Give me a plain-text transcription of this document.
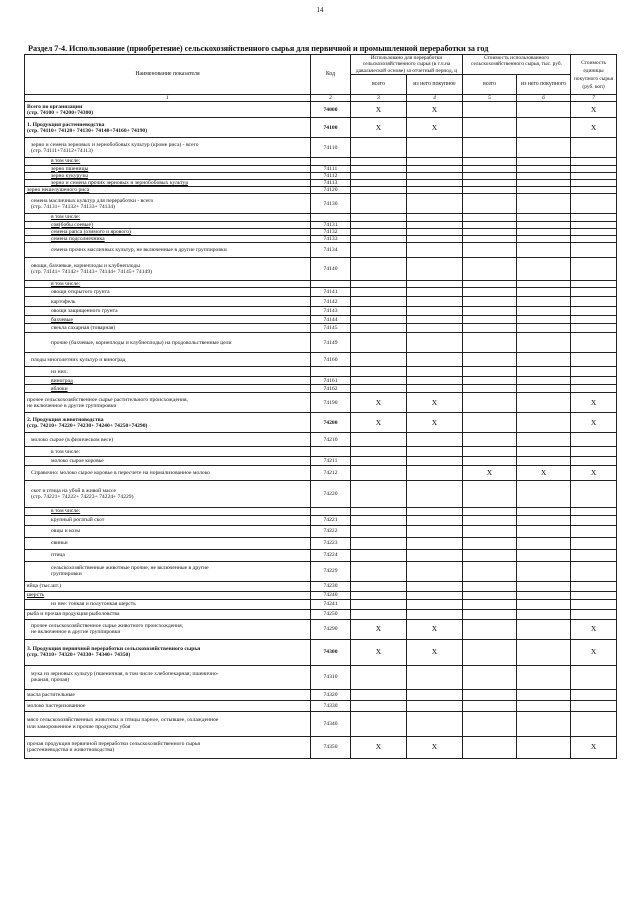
14
Раздел 7-4. Использование (приобретение) сельскохозяйственного сырья для первичной и промышленной переработки за год
Наименование показателя	Код	Использовано для переработки сельскохозяйственного сырья (в т.ч.на давальческой основе) за отчетный период, ц		Стоимость использованного сельскохозяйственного сырья, тыс. руб.		Стоимость единицы покупного сырья (руб. коп)
		всего	из него покупное	всего	из него покупного	
1	2	3	4	5	6	7
Всего по организации
(стр. 74100 + 74200+74300)	74000	X	X			X
1. Продукция растениеводства
(стр. 74110+ 74120+ 74130+ 74140+74160+ 74190)	74100	X	X			X
зерно и семена зерновых и зернобобовых культур (кроме риса) - всего
(стр. 74111+74112+74113)	74110					
в том числе:						
зерно пшеницы	74111					
зерно кукурузы	74112					
зерно и семена прочих зерновых и зернобобовых культур	74113					
зерно нешелушеного риса	74120					
семена масличных культур для переработки - всего
(стр. 74131+ 74132+ 74133+ 74134)	74130					
в том числе:						
соя(бобы соевые)	74131					
семена рапса (озимого и ярового)	74132					
семена подсолнечника	74133					
семена прочих масличных культур, не включенные в другие группировки	74134					
овощи, бахчевые, корнеплоды и клубнеплоды
(стр. 74141+ 74142+ 74143+ 74144+ 74145+ 74149)	74140					
в том числе:						
овощи открытого грунта	74141					
картофель	74142					
овощи защищенного грунта	74143					
бахчевые	74144					
свекла сахарная (товарная)	74145					
прочие (бахчевые, корнеплоды и клубнеплоды) на продовольственные цели	74149					
плоды многолетних культур и виноград	74160					
из них:						
виноград	74161					
яблоки	74162					
прочее сельскохозяйственное сырье растительного происхождения,
не включенное в другие группировки	74190	X	X			X
2. Продукция животноводства
(стр. 74210+ 74220+ 74230+ 74240+ 74250+74290)	74200	X	X			X
молоко сырое (в физическом весе)	74210					
в том числе:						
молоко сырое коровье	74211					
Справочно: молоко сырое коровье в пересчете на нормализованное молоко	74212			X	X	X
скот и птица на убой в живой массе
(стр. 74221+ 74222+ 74223+ 74224+ 74229)	74220					
в том числе:						
крупный рогатый скот	74221					
овцы и козы	74222					
свиньи	74223					
птица	74224					
сельскохозяйственные животные прочие, не включенные в другие
группировки	74229					
яйца (тыс.шт.)	74230					
шерсть	74240					
из нее: тонкая и полутонкая шерсть	74241					
рыба и прочая продукция рыболовства	74250					
прочее сельскохозяйственное сырье животного происхождения,
не включенное в другие группировки	74290	X	X			X
3. Продукция первичной переработки сельскохозяйственного сырья
(стр. 74310+ 74320+ 74330+ 74340+ 74350)	74300	X	X			X
мука из зерновых культур (пшеничная, в том числе хлебопекарная; пшенично-
ржаная, прочая)	74310					
масла растительные	74320					
молоко пастеризованное	74330					
мясо сельскохозяйственных животных и птицы парное, остывшее, охлажденное
или замороженное и прочие продукты убоя	74340					
прочая продукция первичной переработки сельскохозяйственного сырья
(растениеводства и животноводства)	74350	X	X			X
